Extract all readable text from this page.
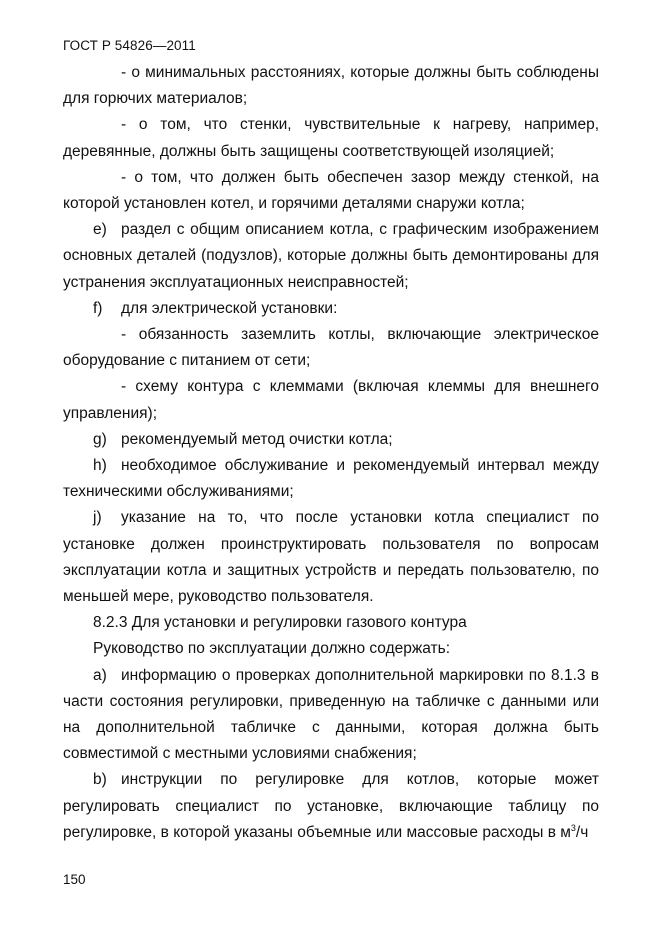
ГОСТ Р 54826—2011

- о минимальных расстояниях, которые должны быть соблюдены для горючих материалов;

- о том, что стенки, чувствительные к нагреву, например, деревянные, должны быть защищены соответствующей изоляцией;

- о том, что должен быть обеспечен зазор между стенкой, на которой установлен котел, и горячими деталями снаружи котла;

е) раздел с общим описанием котла, с графическим изображением основных деталей (подузлов), которые должны быть демонтированы для устранения эксплуатационных неисправностей;

f) для электрической установки:

- обязанность заземлить котлы, включающие электрическое оборудование с питанием от сети;

- схему контура с клеммами (включая клеммы для внешнего управления);

g) рекомендуемый метод очистки котла;

h) необходимое обслуживание и рекомендуемый интервал между техническими обслуживаниями;

j) указание на то, что после установки котла специалист по установке должен проинструктировать пользователя по вопросам эксплуатации котла и защитных устройств и передать пользователю, по меньшей мере, руководство пользователя.

8.2.3 Для установки и регулировки газового контура

Руководство по эксплуатации должно содержать:

а) информацию о проверках дополнительной маркировки по 8.1.3 в части состояния регулировки, приведенную на табличке с данными или на дополнительной табличке с данными, которая должна быть совместимой с местными условиями снабжения;

b) инструкции по регулировке для котлов, которые может регулировать специалист по установке, включающие таблицу по регулировке, в которой указаны объемные или массовые расходы в $м^3/ч$

150
